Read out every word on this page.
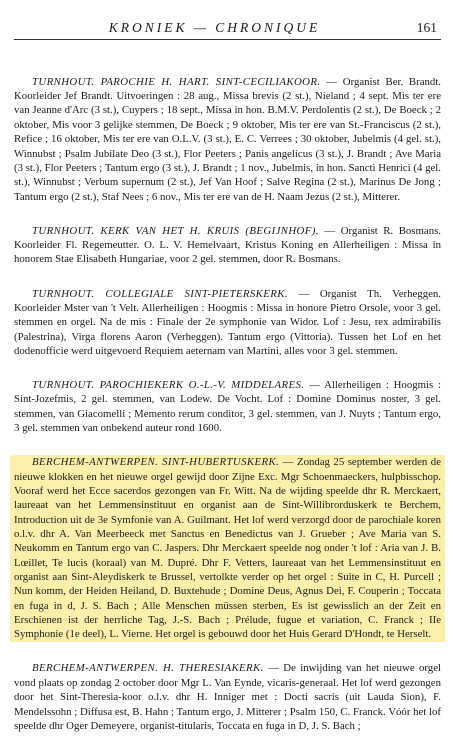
KRONIEK — CHRONIQUE	161

TURNHOUT. PAROCHIE H. HART. SINT-CECILIAKOOR. — Organist Ber. Brandt. Koorleider Jef Brandt. Uitvoeringen : 28 aug., Missa brevis (2 st.), Nieland ; 4 sept. Mis ter ere van Jeanne d'Arc (3 st.), Cuypers ; 18 sept., Missa in hon. B.M.V. Perdolentis (2 st.), De Boeck ; 2 oktober, Mis voor 3 gelijke stemmen, De Boeck ; 9 oktober, Mis ter ere van St.-Franciscus (2 st.), Refice ; 16 oktober, Mis ter ere van O.L.V. (3 st.), E. C. Verrees ; 30 oktober, Jubelmis (4 gel. st.), Winnubst ; Psalm Jubilate Deo (3 st.), Flor Peeters ; Panis angelicus (3 st.), J. Brandt ; Ave Maria (3 st.), Flor Peeters ; Tantum ergo (3 st.), J. Brandt ; 1 nov., Jubelmis, in hon. Sancti Henrici (4 gel. st.), Winnubst ; Verbum supernum (2 st.), Jef Van Hoof ; Salve Regina (2 st.), Marinus De Jong ; Tantum ergo (2 st.), Staf Nees ; 6 nov., Mis ter ere van de H. Naam Jezus (2 st.), Mitterer.

TURNHOUT. KERK VAN HET H. KRUIS (BEGIJNHOF). — Organist R. Bosmans. Koorleider Fl. Regemeutter. O. L. V. Hemelvaart, Kristus Koning en Allerheiligen : Missa in honorem Stae Elisabeth Hungariae, voor 2 gel. stemmen, door R. Bosmans.

TURNHOUT. COLLEGIALE SINT-PIETERSKERK. — Organist Th. Verheggen. Koorleider Mster van 't Velt. Allerheiligen : Hoogmis : Missa in honore Pietro Orsole, voor 3 gel. stemmen en orgel. Na de mis : Finale der 2e symphonie van Widor. Lof : Jesu, rex admirabilis (Palestrina), Virga florens Aaron (Verheggen). Tantum ergo (Vittoria). Tussen het Lof en het dodenofficie werd uitgevoerd Requiem aeternam van Martini, alles voor 3 gel. stemmen.

TURNHOUT. PAROCHIEKERK O.-L.-V. MIDDELARES. — Allerheiligen : Hoogmis : Sint-Jozefmis, 2 gel. stemmen, van Lodew. De Vocht. Lof : Domine Dominus noster, 3 gel. stemmen, van Giacomelli ; Memento rerum conditor, 3 gel. stemmen, van J. Nuyts ; Tantum ergo, 3 gel. stemmen van onbekend auteur rond 1600.

BERCHEM-ANTWERPEN. SINT-HUBERTUSKERK. — Zondag 25 september werden de nieuwe klokken en het nieuwe orgel gewijd door Zijne Exc. Mgr Schoenmaeckers, hulpbisschop. Vooraf werd het Ecce sacerdos gezongen van Fr. Witt. Na de wijding speelde dhr R. Merckaert, laureaat van het Lemmensinstituut en organist aan de Sint-Willibrorduskerk te Berchem, Introduction uit de 3e Symfonie van A. Guilmant. Het lof werd verzorgd door de parochiale koren o.l.v. dhr A. Van Meerbeeck met Sanctus en Benedictus van J. Grueber ; Ave Maria van S. Neukomm en Tantum ergo van C. Jaspers. Dhr Merckaert speelde nog onder 't lof : Aria van J. B. Lœillet, Te lucis (koraal) van M. Dupré. Dhr F. Vetters, laureaat van het Lemmensinstituut en organist aan Sint-Aleydiskerk te Brussel, vertolkte verder op het orgel : Suite in C, H. Purcell ; Nun komm, der Heiden Heiland, D. Buxtehude ; Domine Deus, Agnus Dei, F. Couperin ; Toccata en fuga in d, J. S. Bach ; Alle Menschen müssen sterben, Es ist gewisslich an der Zeit en Erschienen ist der herrliche Tag, J.-S. Bach ; Prélude, fugue et variation, C. Franck ; IIe Symphonie (1e deel), L. Vierne. Het orgel is gebouwd door het Huis Gerard D'Hondt, te Herselt.

BERCHEM-ANTWERPEN. H. THERESIAKERK. — De inwijding van het nieuwe orgel vond plaats op zondag 2 october door Mgr L. Van Eynde, vicaris-generaal. Het lof werd gezongen door het Sint-Theresia-koor o.l.v. dhr H. Inniger met : Docti sacris (uit Lauda Sion), F. Mendelssohn ; Diffusa est, B. Hahn ; Tantum ergo, J. Mitterer ; Psalm 150, C. Franck. Vóór het lof speelde dhr Oger Demeyere, organist-titularis, Toccata en fuga in D, J. S. Bach ;
